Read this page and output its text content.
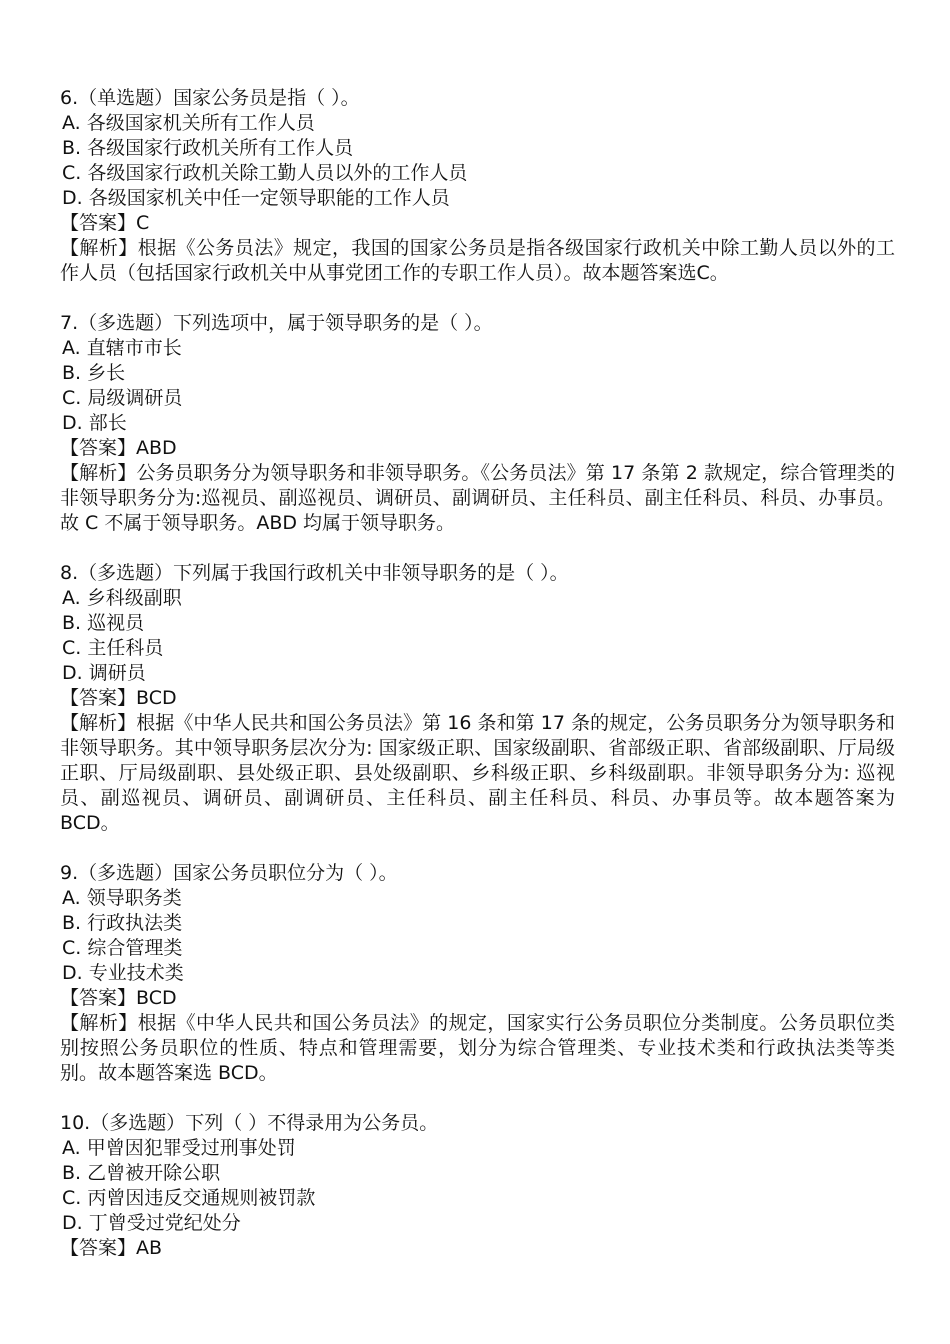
6.（单选题）国家公务员是指（ ）。

A. 各级国家机关所有工作人员

B. 各级国家行政机关所有工作人员

C. 各级国家行政机关除工勤人员以外的工作人员

D. 各级国家机关中任一定领导职能的工作人员

【答案】C

【解析】根据《公务员法》规定，我国的国家公务员是指各级国家行政机关中除工勤人员以外的工作人员（包括国家行政机关中从事党团工作的专职工作人员）。故本题答案选C。

7.（多选题）下列选项中，属于领导职务的是（ ）。

A. 直辖市市长

B. 乡长

C. 局级调研员

D. 部长

【答案】ABD

【解析】公务员职务分为领导职务和非领导职务。《公务员法》第 17 条第 2 款规定，综合管理类的非领导职务分为:巡视员、副巡视员、调研员、副调研员、主任科员、副主任科员、科员、办事员。故 C 不属于领导职务。ABD 均属于领导职务。

8.（多选题）下列属于我国行政机关中非领导职务的是（ ）。

A. 乡科级副职

B. 巡视员

C. 主任科员

D. 调研员

【答案】BCD

【解析】根据《中华人民共和国公务员法》第 16 条和第 17 条的规定，公务员职务分为领导职务和非领导职务。其中领导职务层次分为: 国家级正职、国家级副职、省部级正职、省部级副职、厅局级正职、厅局级副职、县处级正职、县处级副职、乡科级正职、乡科级副职。非领导职务分为: 巡视员、副巡视员、调研员、副调研员、主任科员、副主任科员、科员、办事员等。故本题答案为 BCD。

9.（多选题）国家公务员职位分为（ ）。

A. 领导职务类

B. 行政执法类

C. 综合管理类

D. 专业技术类

【答案】BCD

【解析】根据《中华人民共和国公务员法》的规定，国家实行公务员职位分类制度。公务员职位类别按照公务员职位的性质、特点和管理需要，划分为综合管理类、专业技术类和行政执法类等类别。故本题答案选 BCD。

10.（多选题）下列（ ）不得录用为公务员。

A. 甲曾因犯罪受过刑事处罚

B. 乙曾被开除公职

C. 丙曾因违反交通规则被罚款

D. 丁曾受过党纪处分

【答案】AB
